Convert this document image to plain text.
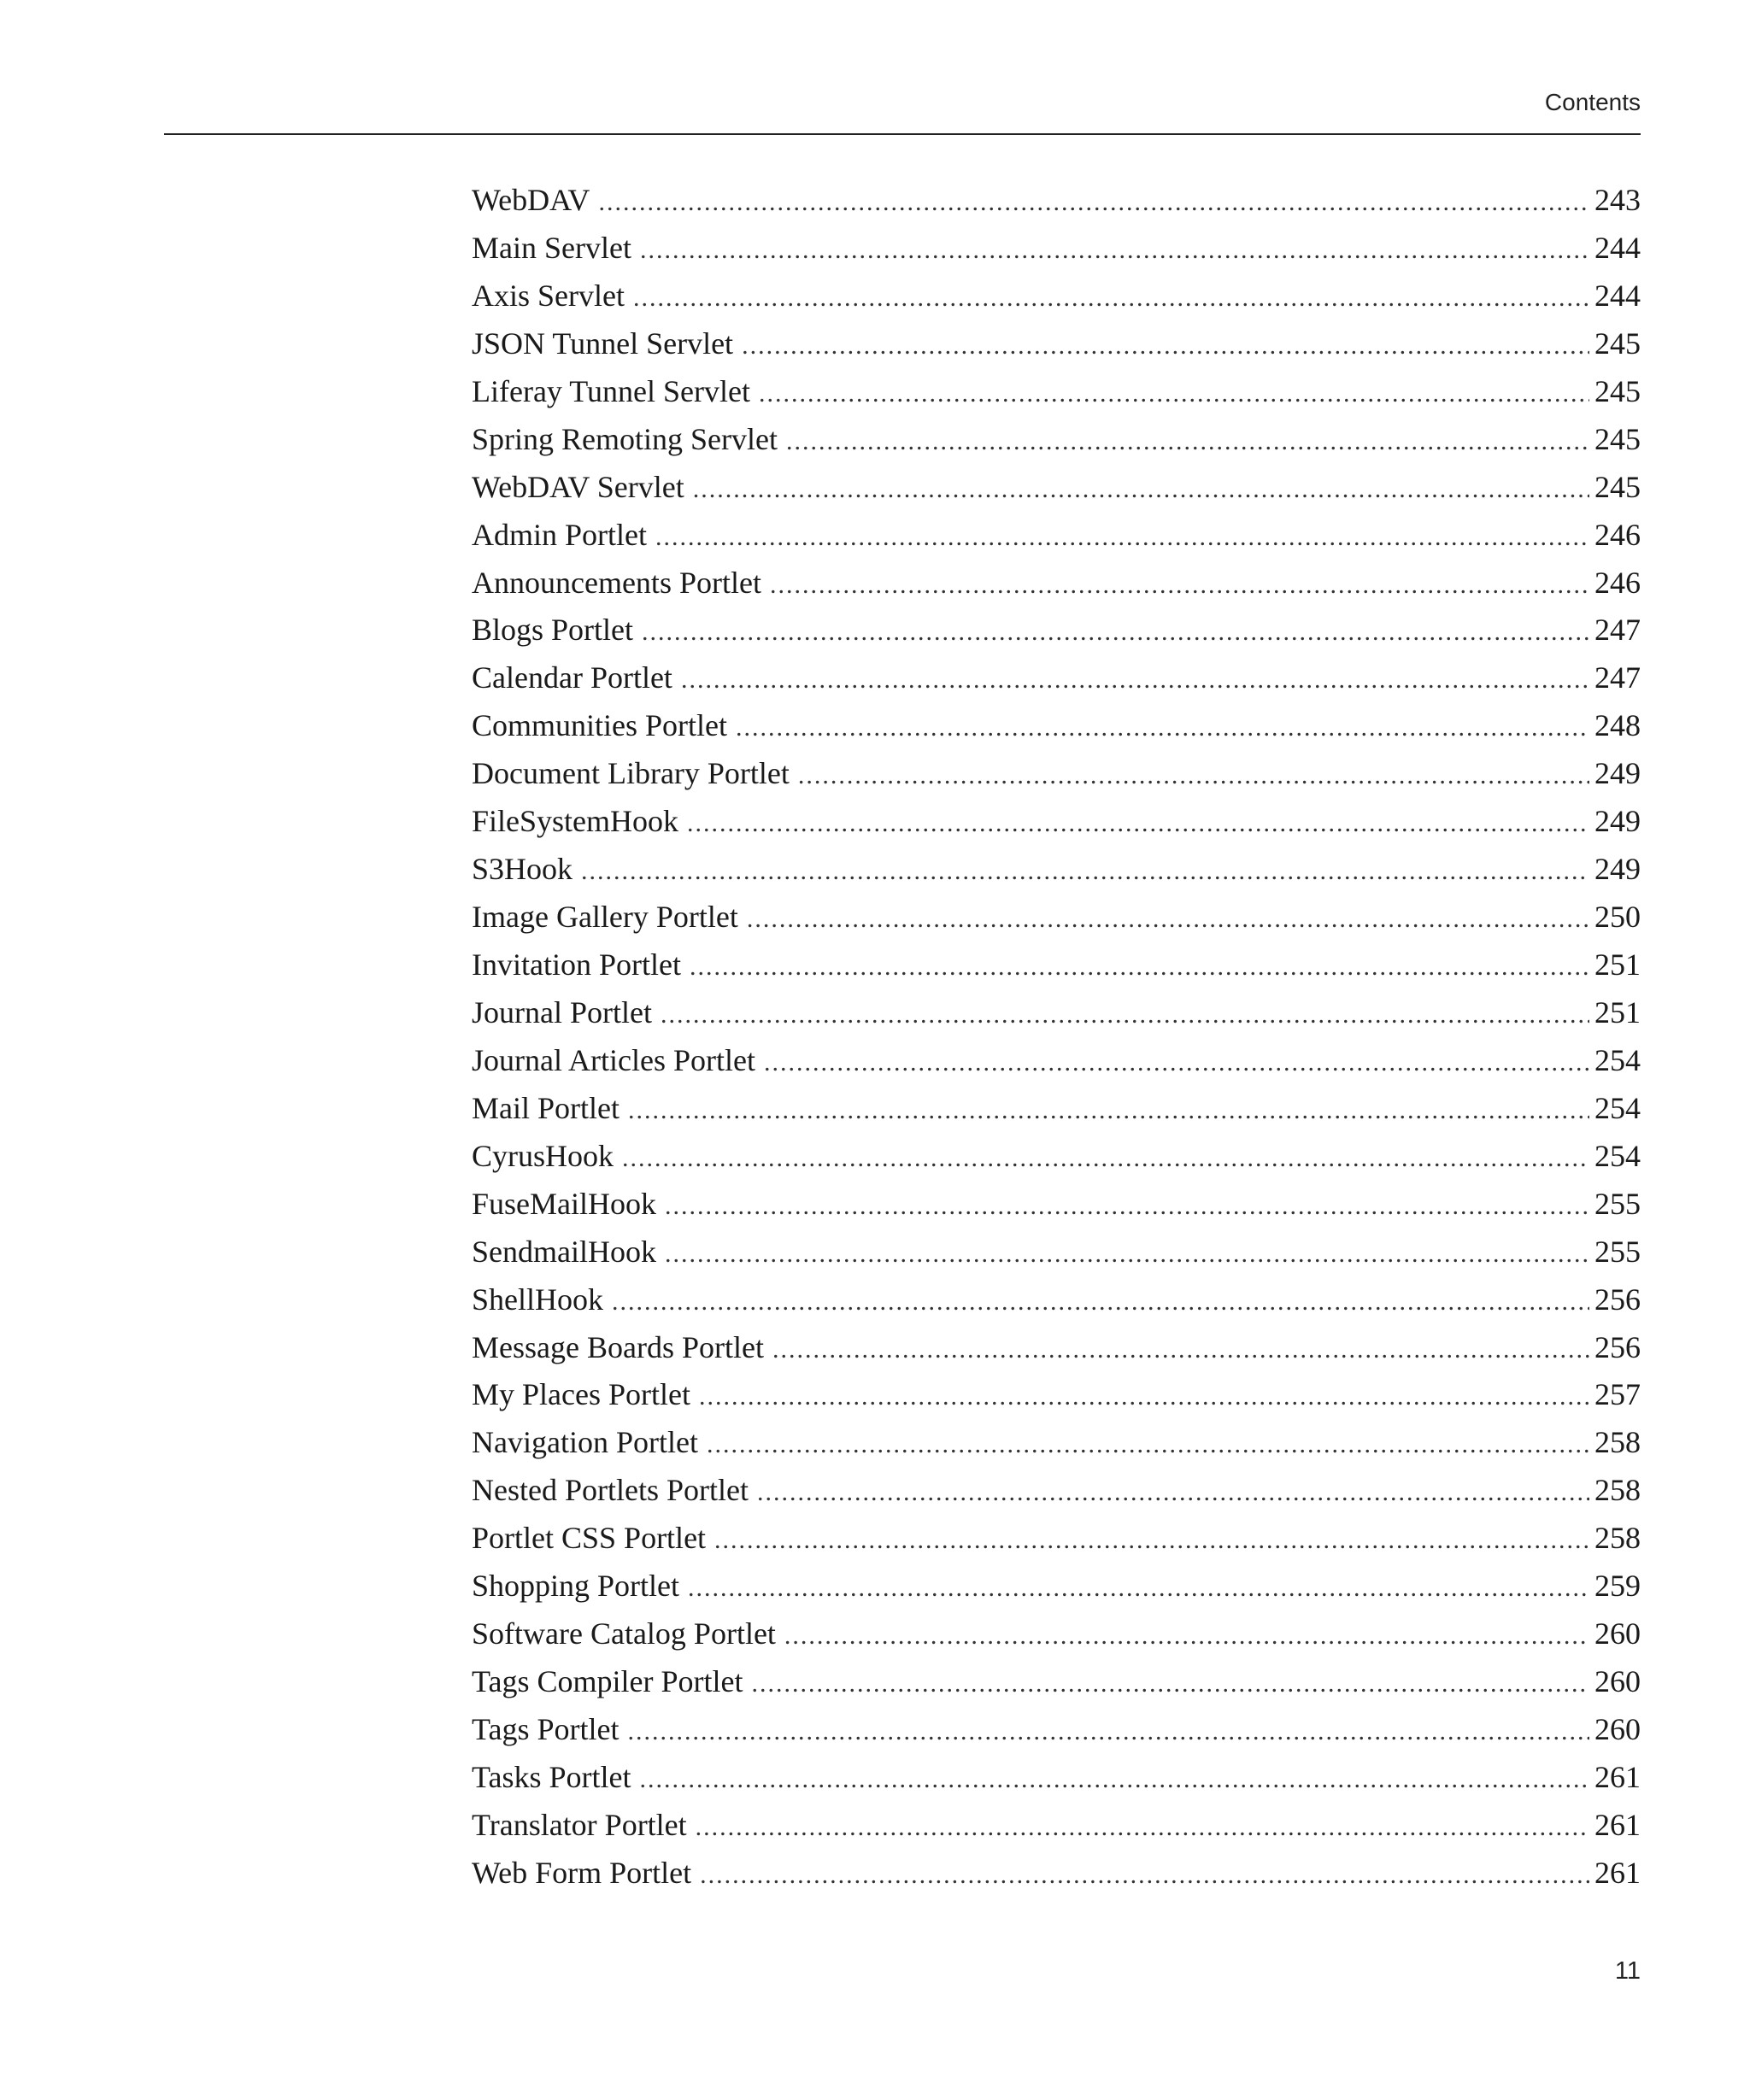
Contents
WebDAV .....	243
Main Servlet .....	244
Axis Servlet .....	244
JSON Tunnel Servlet .....	245
Liferay Tunnel Servlet .....	245
Spring Remoting Servlet .....	245
WebDAV Servlet .....	245
Admin Portlet .....	246
Announcements Portlet .....	246
Blogs Portlet .....	247
Calendar Portlet .....	247
Communities Portlet .....	248
Document Library Portlet .....	249
FileSystemHook .....	249
S3Hook .....	249
Image Gallery Portlet .....	250
Invitation Portlet .....	251
Journal Portlet .....	251
Journal Articles Portlet .....	254
Mail Portlet .....	254
CyrusHook .....	254
FuseMailHook .....	255
SendmailHook .....	255
ShellHook .....	256
Message Boards Portlet .....	256
My Places Portlet .....	257
Navigation Portlet .....	258
Nested Portlets Portlet .....	258
Portlet CSS Portlet .....	258
Shopping Portlet .....	259
Software Catalog Portlet .....	260
Tags Compiler Portlet .....	260
Tags Portlet .....	260
Tasks Portlet .....	261
Translator Portlet .....	261
Web Form Portlet .....	261
11
